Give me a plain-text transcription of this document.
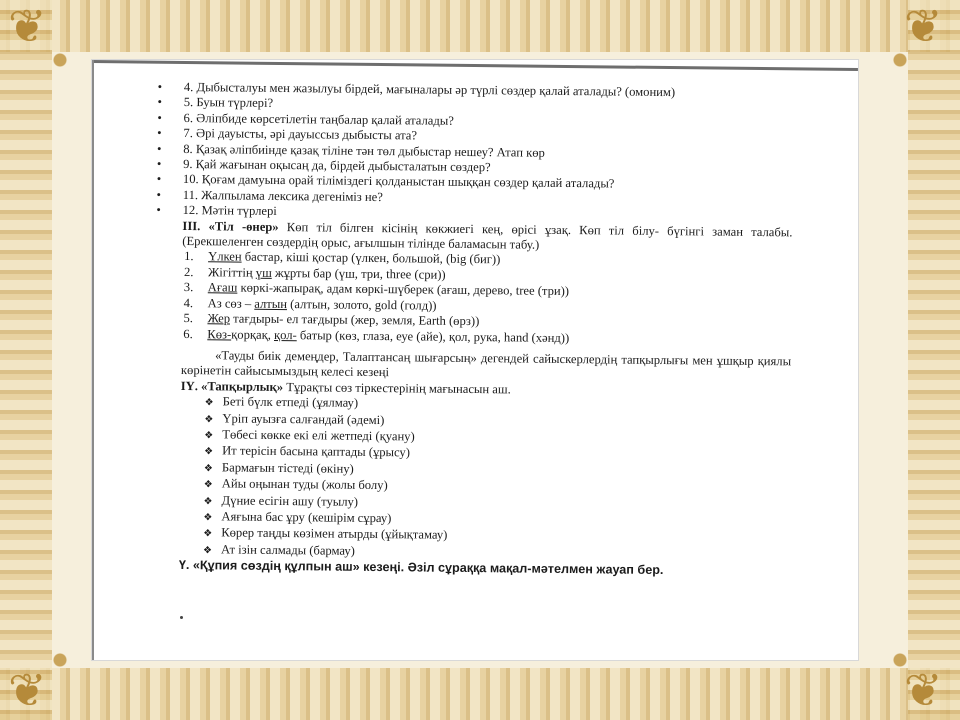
❦	❦
❦	❦
•	4. Дыбысталуы мен жазылуы бірдей, мағыналары әр түрлі сөздер қалай аталады? (омоним)
•	5. Буын түрлері?
•	6. Әліпбиде көрсетілетін таңбалар қалай аталады?
•	7. Әрі дауысты, әрі дауыссыз дыбысты ата?
•	8. Қазақ әліпбиінде қазақ тіліне тән төл дыбыстар нешеу? Атап көр
•	9. Қай жағынан оқысаң да, бірдей дыбысталатын сөздер?
•	10. Қоғам дамуына орай тіліміздегі қолданыстан шыққан сөздер қалай аталады?
•	11. Жалпылама лексика дегеніміз не?
•	12. Мәтін түрлері
ІІІ. «Тіл -өнер» Көп тіл білген кісінің көкжиегі кең, өрісі ұзақ. Көп тіл білу- бүгінгі заман талабы. (Ерекшеленген сөздердің орыс, ағылшын тілінде баламасын табу.)
1. Үлкен бастар, кіші қостар (үлкен, большой, (big (биг))
2. Жігіттің үш жұрты бар (үш, три, three (сри))
3. Ағаш көркі-жапырақ, адам көркі-шүберек (ағаш, дерево, tree (три))
4. Аз сөз – алтын (алтын, золото, gold (голд))
5. Жер тағдыры- ел тағдыры (жер, земля, Earth (өрз))
6. Көз-қорқақ, қол- батыр (көз, глаза, еуе (айе), қол, рука, hand (хәнд))
«Тауды биік демеңдер, Талаптансаң шығарсың» дегендей сайыскерлердің тапқырлығы мен ұшқыр қиялы көрінетін сайысымыздың келесі кезеңі
ІҮ. «Тапқырлық» Тұрақты сөз тіркестерінің мағынасын аш.
❖ Беті бүлк етпеді (ұялмау)
❖ Үріп ауызға салғандай (әдемі)
❖ Төбесі көкке екі елі жетпеді (қуану)
❖ Ит терісін басына қаптады (ұрысу)
❖ Бармағын тістеді (өкіну)
❖ Айы оңынан туды (жолы болу)
❖ Дүние есігін ашу (туылу)
❖ Аяғына бас ұру (кешірім сұрау)
❖ Көрер таңды көзімен атырды (ұйықтамау)
❖ Ат ізін салмады (бармау)
Ү. «Құпия сөздің құлпын аш» кезеңі. Әзіл сұраққа мақал-мәтелмен жауап бер.
